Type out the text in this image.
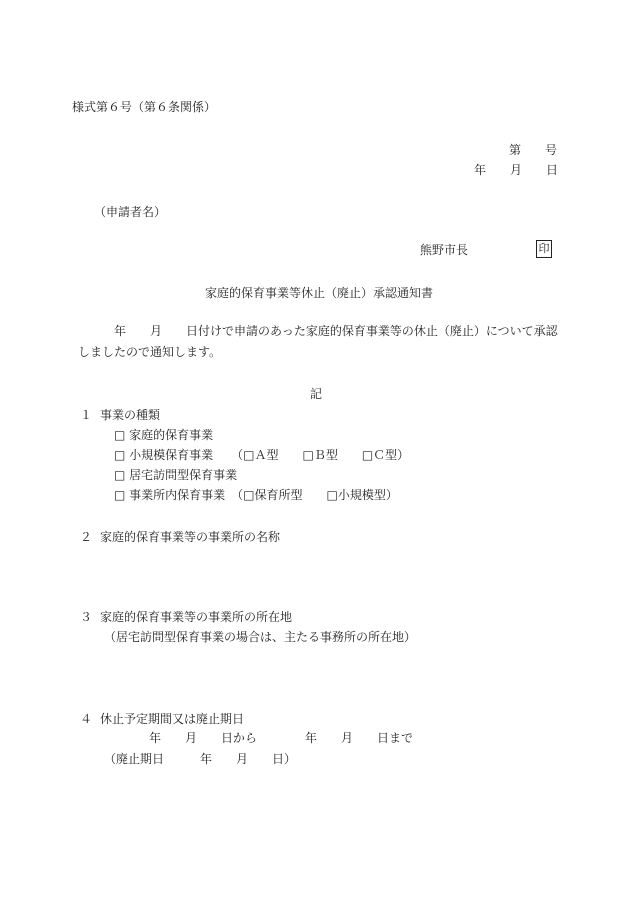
様式第６号（第６条関係）
第　　号
年　　月　　日
（申請者名）
熊野市長	印
家庭的保育事業等休止（廃止）承認通知書
年　　月　　日付けで申請のあった家庭的保育事業等の休止（廃止）について承認
しましたので通知します。
記
１ 事業の種類
□ 家庭的保育事業
□ 小規模保育事業　　（□Ａ型　　□Ｂ型　　□Ｃ型）
□ 居宅訪問型保育事業
□ 事業所内保育事業　（□保育所型　　□小規模型）
２ 家庭的保育事業等の事業所の名称
３ 家庭的保育事業等の事業所の所在地
（居宅訪問型保育事業の場合は、主たる事務所の所在地）
４ 休止予定期間又は廃止期日
年　　月　　日から　　　　年　　月　　日まで
（廃止期日　　　年　　月　　日）
